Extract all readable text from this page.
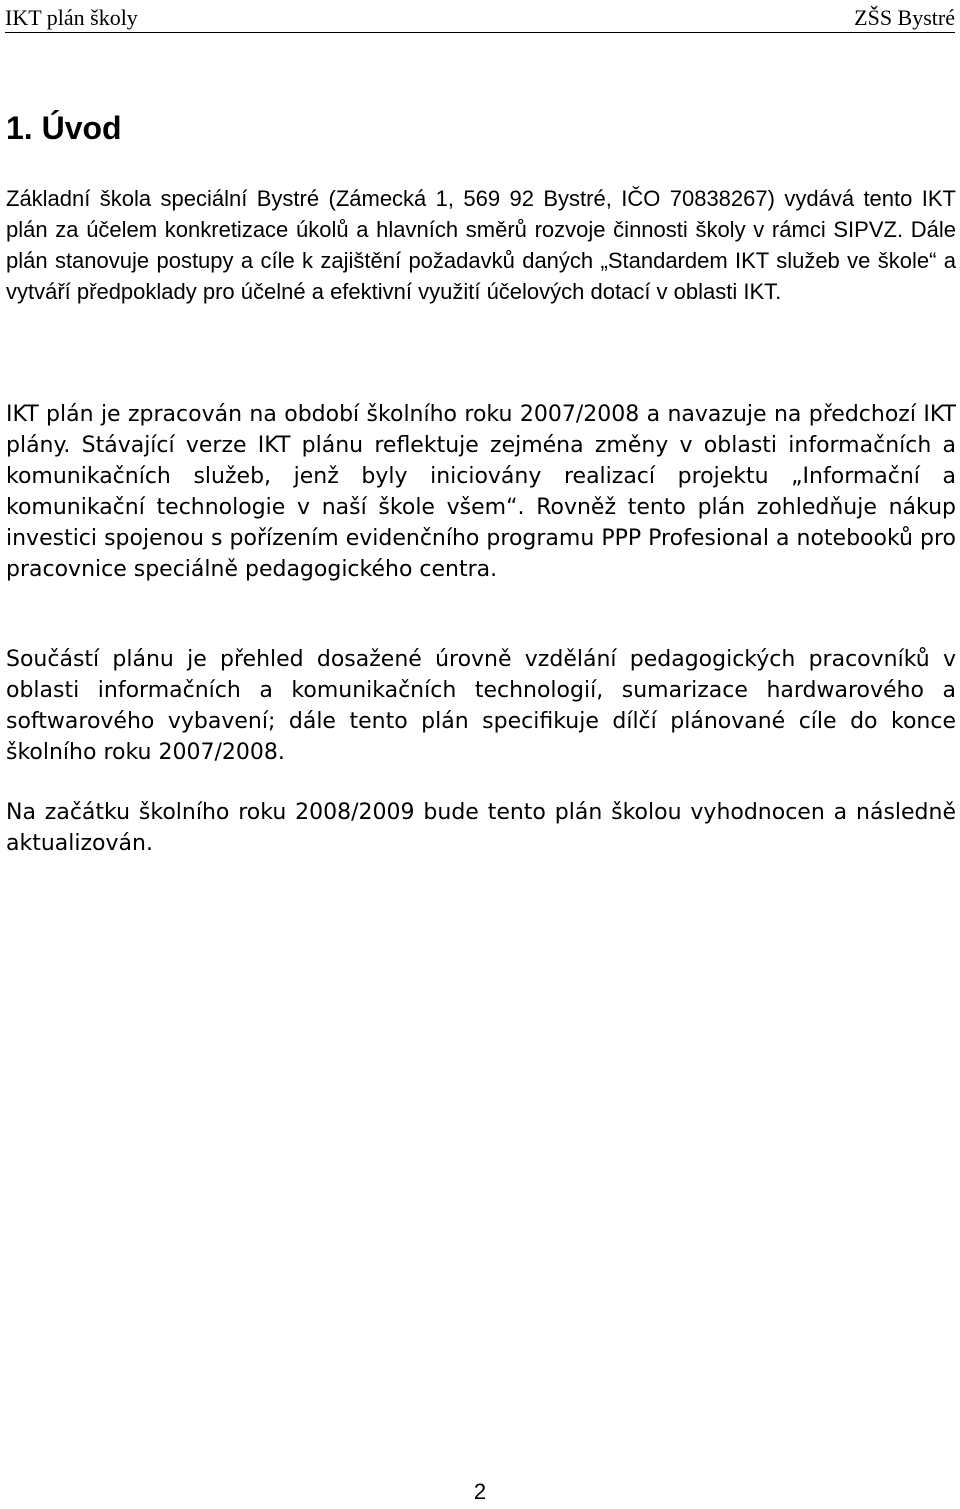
IKT plán školy	ZŠS Bystré
1. Úvod

Základní škola speciální Bystré (Zámecká 1, 569 92 Bystré, IČO 70838267) vydává tento IKT plán za účelem konkretizace úkolů a hlavních směrů rozvoje činnosti školy v rámci SIPVZ. Dále plán stanovuje postupy a cíle k zajištění požadavků daných „Standardem IKT služeb ve škole“ a vytváří předpoklady pro účelné a efektivní využití účelových dotací v oblasti IKT.

IKT plán je zpracován na období školního roku 2007/2008 a navazuje na předchozí IKT plány. Stávající verze IKT plánu reflektuje zejména změny v oblasti informačních a komunikačních služeb, jenž byly iniciovány realizací projektu „Informační a komunikační technologie v naší škole všem“. Rovněž tento plán zohledňuje nákup investici spojenou s pořízením evidenčního programu PPP Profesional a notebooků pro pracovnice speciálně pedagogického centra.

Součástí plánu je přehled dosažené úrovně vzdělání pedagogických pracovníků v oblasti informačních a komunikačních technologií, sumarizace hardwarového a softwarového vybavení; dále tento plán specifikuje dílčí plánované cíle do konce školního roku 2007/2008.

Na začátku školního roku 2008/2009 bude tento plán školou vyhodnocen a následně aktualizován.

2
